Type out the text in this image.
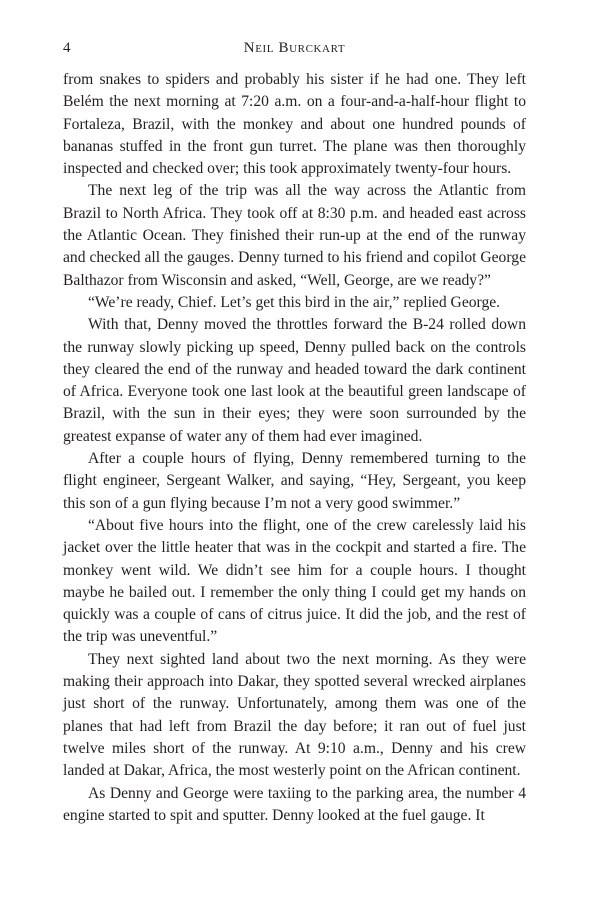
4	Neil Burckart

from snakes to spiders and probably his sister if he had one. They left Belém the next morning at 7:20 a.m. on a four-and-a-half-hour flight to Fortaleza, Brazil, with the monkey and about one hundred pounds of bananas stuffed in the front gun turret. The plane was then thoroughly inspected and checked over; this took approximately twenty-four hours.

The next leg of the trip was all the way across the Atlantic from Brazil to North Africa. They took off at 8:30 p.m. and headed east across the Atlantic Ocean. They finished their run-up at the end of the runway and checked all the gauges. Denny turned to his friend and copilot George Balthazor from Wisconsin and asked, “Well, George, are we ready?”

“We’re ready, Chief. Let’s get this bird in the air,” replied George.

With that, Denny moved the throttles forward the B-24 rolled down the runway slowly picking up speed, Denny pulled back on the controls they cleared the end of the runway and headed toward the dark continent of Africa. Everyone took one last look at the beautiful green landscape of Brazil, with the sun in their eyes; they were soon surrounded by the greatest expanse of water any of them had ever imagined.

After a couple hours of flying, Denny remembered turning to the flight engineer, Sergeant Walker, and saying, “Hey, Sergeant, you keep this son of a gun flying because I’m not a very good swimmer.”

“About five hours into the flight, one of the crew carelessly laid his jacket over the little heater that was in the cockpit and started a fire. The monkey went wild. We didn’t see him for a couple hours. I thought maybe he bailed out. I remember the only thing I could get my hands on quickly was a couple of cans of citrus juice. It did the job, and the rest of the trip was uneventful.”

They next sighted land about two the next morning. As they were making their approach into Dakar, they spotted several wrecked airplanes just short of the runway. Unfortunately, among them was one of the planes that had left from Brazil the day before; it ran out of fuel just twelve miles short of the runway. At 9:10 a.m., Denny and his crew landed at Dakar, Africa, the most westerly point on the African continent.

As Denny and George were taxiing to the parking area, the number 4 engine started to spit and sputter. Denny looked at the fuel gauge. It
